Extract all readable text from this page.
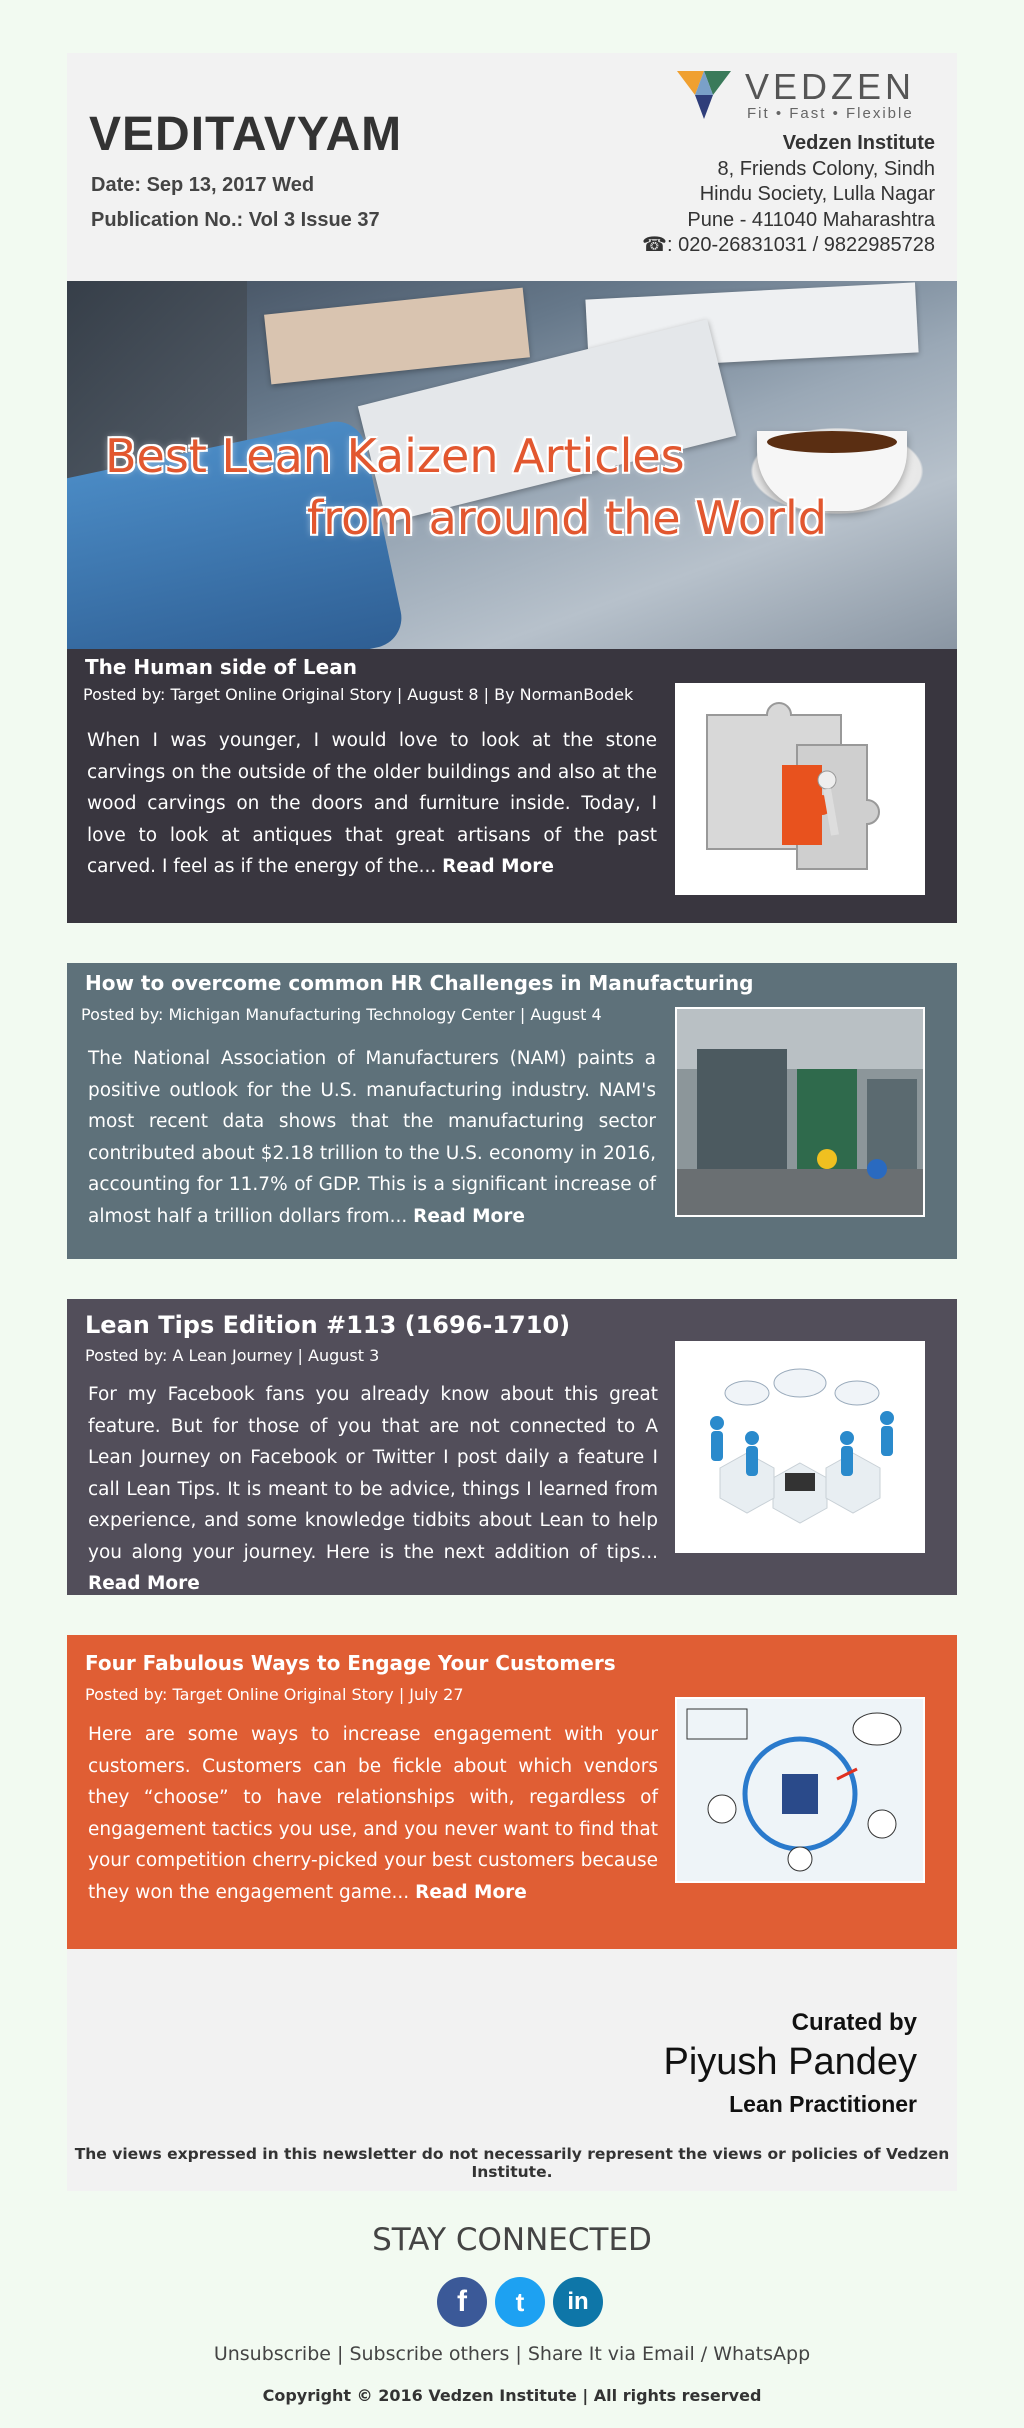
VEDITAVYAM
Date: Sep 13, 2017 Wed
Publication No.: Vol 3 Issue 37
VEDZEN
Fit • Fast • Flexible
Vedzen Institute
8, Friends Colony, Sindh
Hindu Society, Lulla Nagar
Pune - 411040 Maharashtra
☎: 020-26831031 / 9822985728
Best Lean Kaizen Articles
from around the World
The Human side of Lean
Posted by: Target Online Original Story | August 8 | By NormanBodek
When I was younger, I would love to look at the stone carvings on the outside of the older buildings and also at the wood carvings on the doors and furniture inside. Today, I love to look at antiques that great artisans of the past carved. I feel as if the energy of the... Read More
How to overcome common HR Challenges in Manufacturing
Posted by: Michigan Manufacturing Technology Center | August 4
The National Association of Manufacturers (NAM) paints a positive outlook for the U.S. manufacturing industry. NAM's most recent data shows that the manufacturing sector contributed about $2.18 trillion to the U.S. economy in 2016, accounting for 11.7% of GDP. This is a significant increase of almost half a trillion dollars from... Read More
Lean Tips Edition #113 (1696-1710)
Posted by: A Lean Journey | August 3
For my Facebook fans you already know about this great feature. But for those of you that are not connected to A Lean Journey on Facebook or Twitter I post daily a feature I call Lean Tips. It is meant to be advice, things I learned from experience, and some knowledge tidbits about Lean to help you along your journey. Here is the next addition of tips... Read More
Four Fabulous Ways to Engage Your Customers
Posted by: Target Online Original Story | July 27
Here are some ways to increase engagement with your customers. Customers can be fickle about which vendors they “choose” to have relationships with, regardless of engagement tactics you use, and you never want to find that your competition cherry-picked your best customers because they won the engagement game... Read More
Curated by
Piyush Pandey
Lean Practitioner
The views expressed in this newsletter do not necessarily represent the views or policies of Vedzen Institute.
STAY CONNECTED
f	t	in
Unsubscribe | Subscribe others | Share It via Email / WhatsApp
Copyright © 2016 Vedzen Institute | All rights reserved
